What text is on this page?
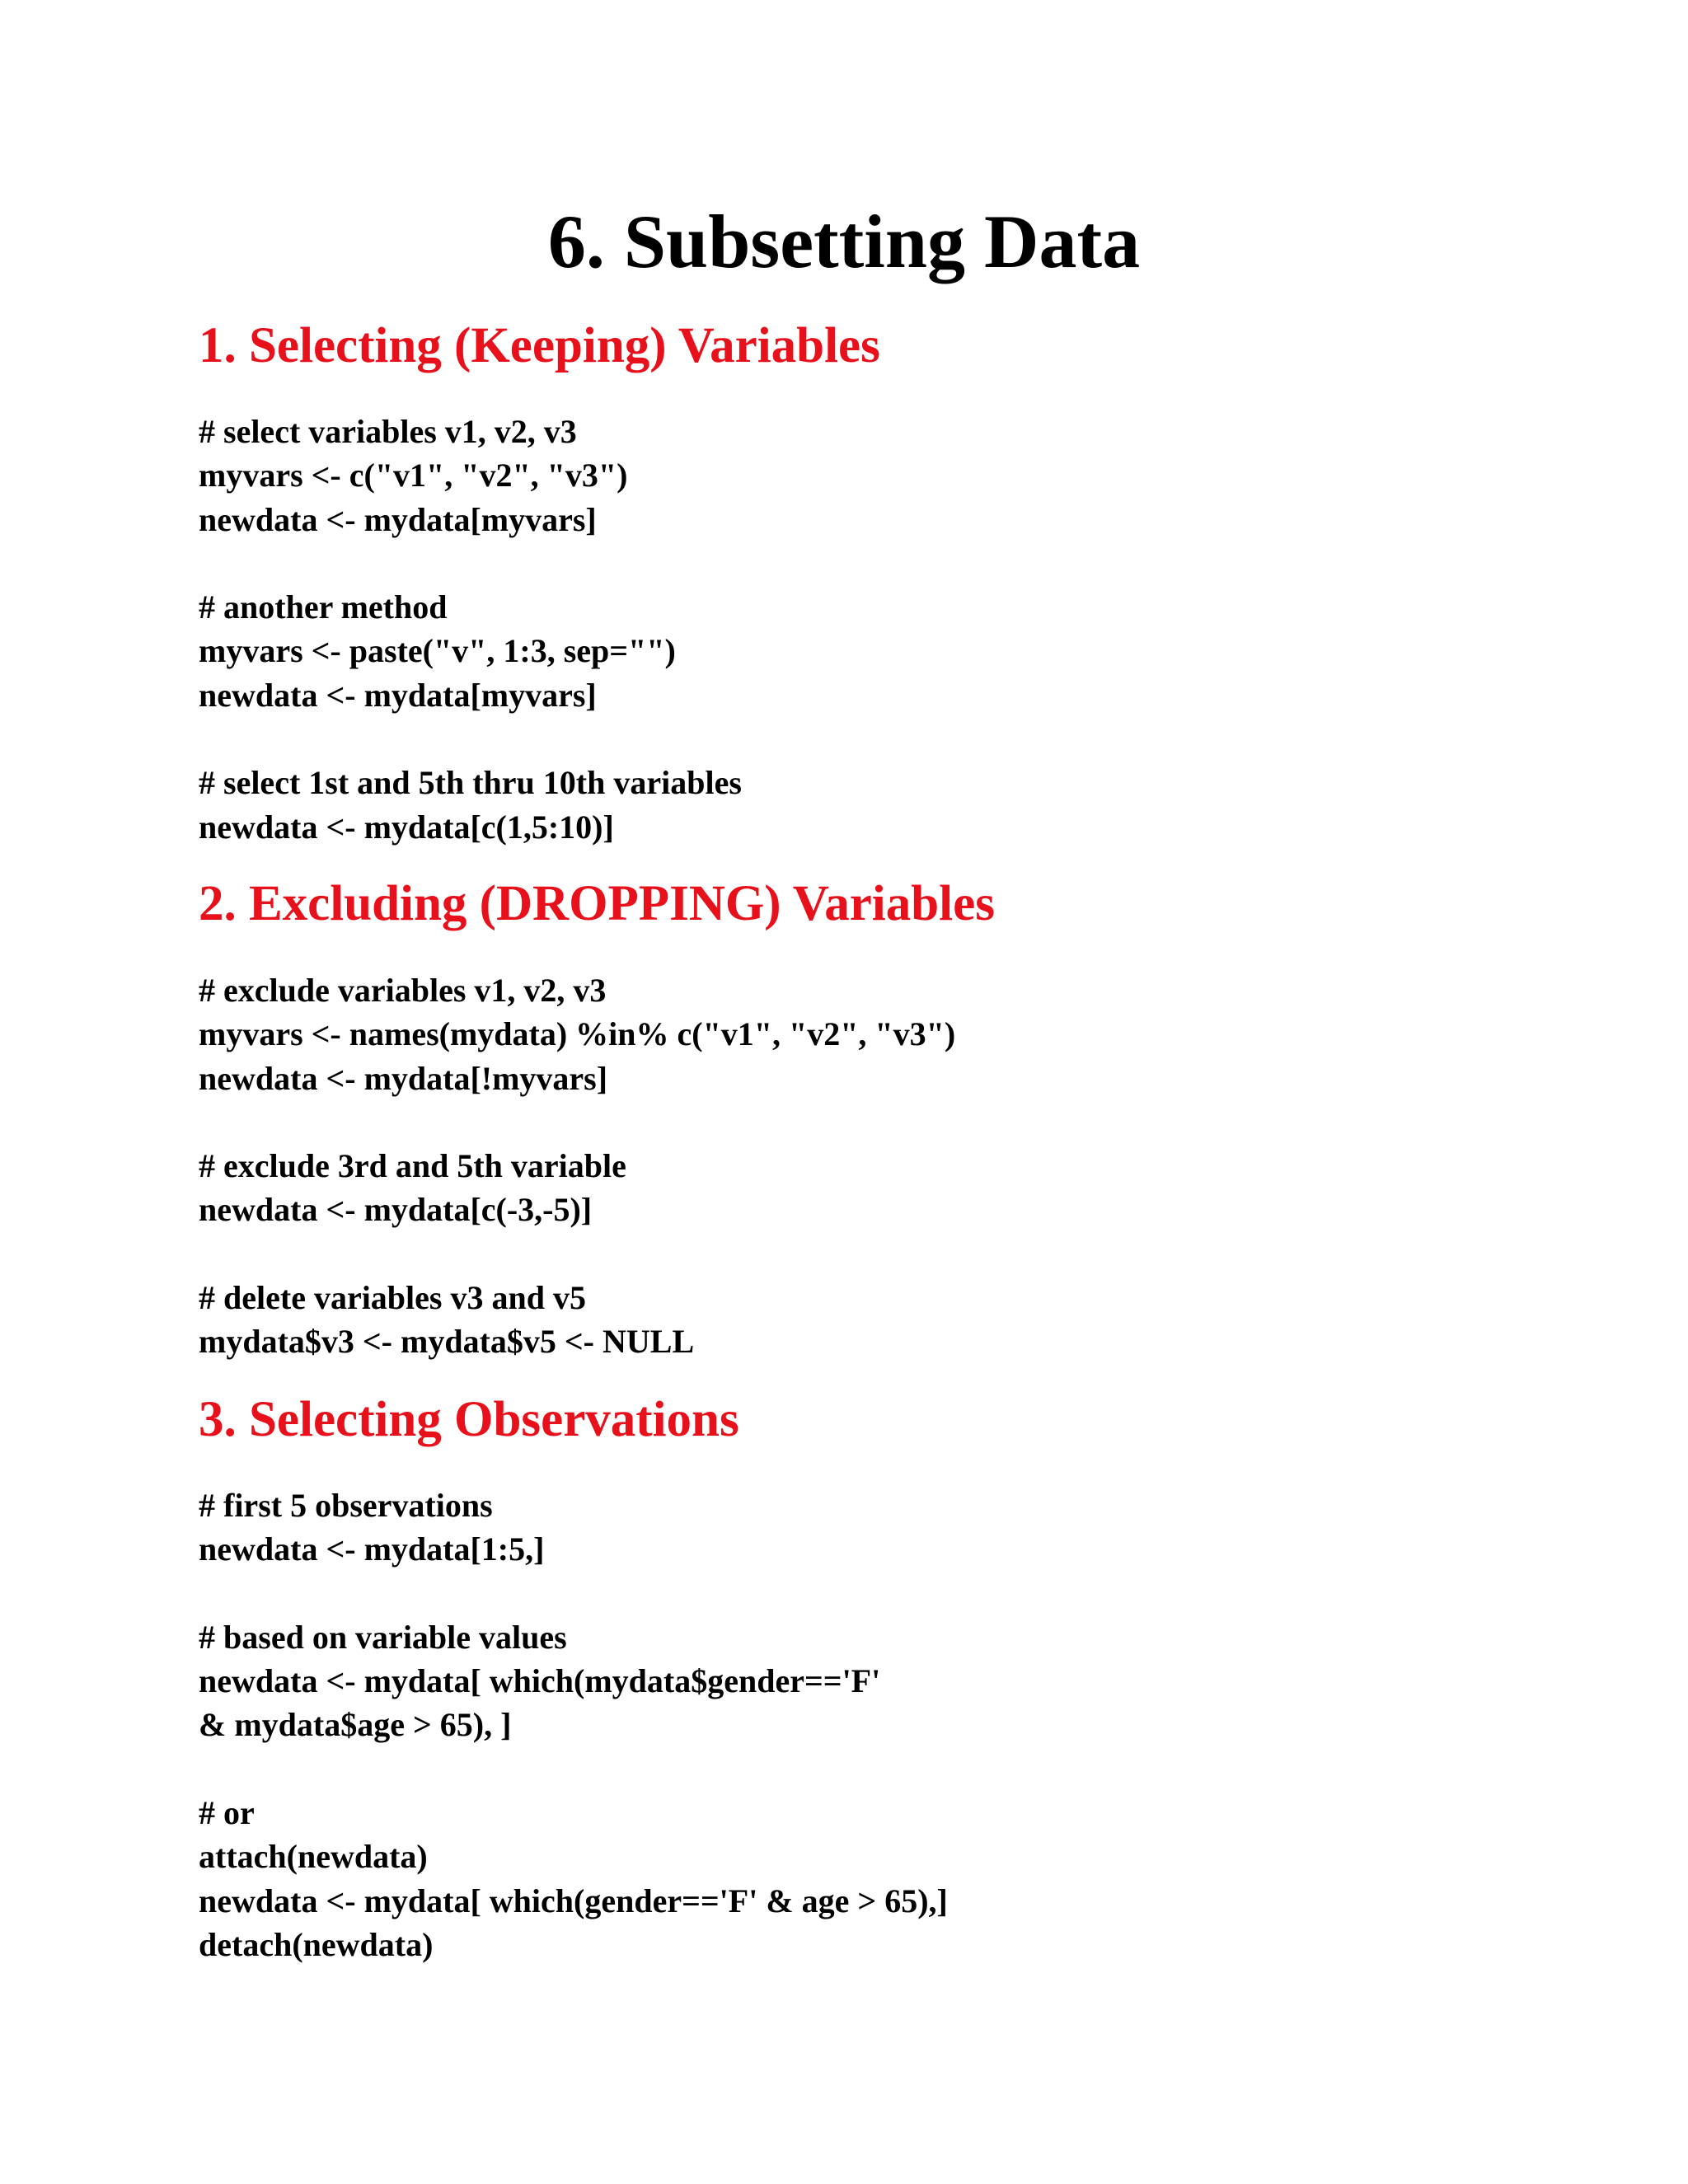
6. Subsetting Data
1. Selecting (Keeping) Variables
# select variables v1, v2, v3
myvars <- c("v1", "v2", "v3")
newdata <- mydata[myvars]
# another method
myvars <- paste("v", 1:3, sep="")
newdata <- mydata[myvars]
# select 1st and 5th thru 10th variables
newdata <- mydata[c(1,5:10)]
2. Excluding (DROPPING) Variables
# exclude variables v1, v2, v3
myvars <- names(mydata) %in% c("v1", "v2", "v3")
newdata <- mydata[!myvars]
# exclude 3rd and 5th variable
newdata <- mydata[c(-3,-5)]
# delete variables v3 and v5
mydata$v3 <- mydata$v5 <- NULL
3. Selecting Observations
# first 5 observations
newdata <- mydata[1:5,]
# based on variable values
newdata <- mydata[ which(mydata$gender=='F'
& mydata$age > 65), ]
# or
attach(newdata)
newdata <- mydata[ which(gender=='F' & age > 65),]
detach(newdata)
